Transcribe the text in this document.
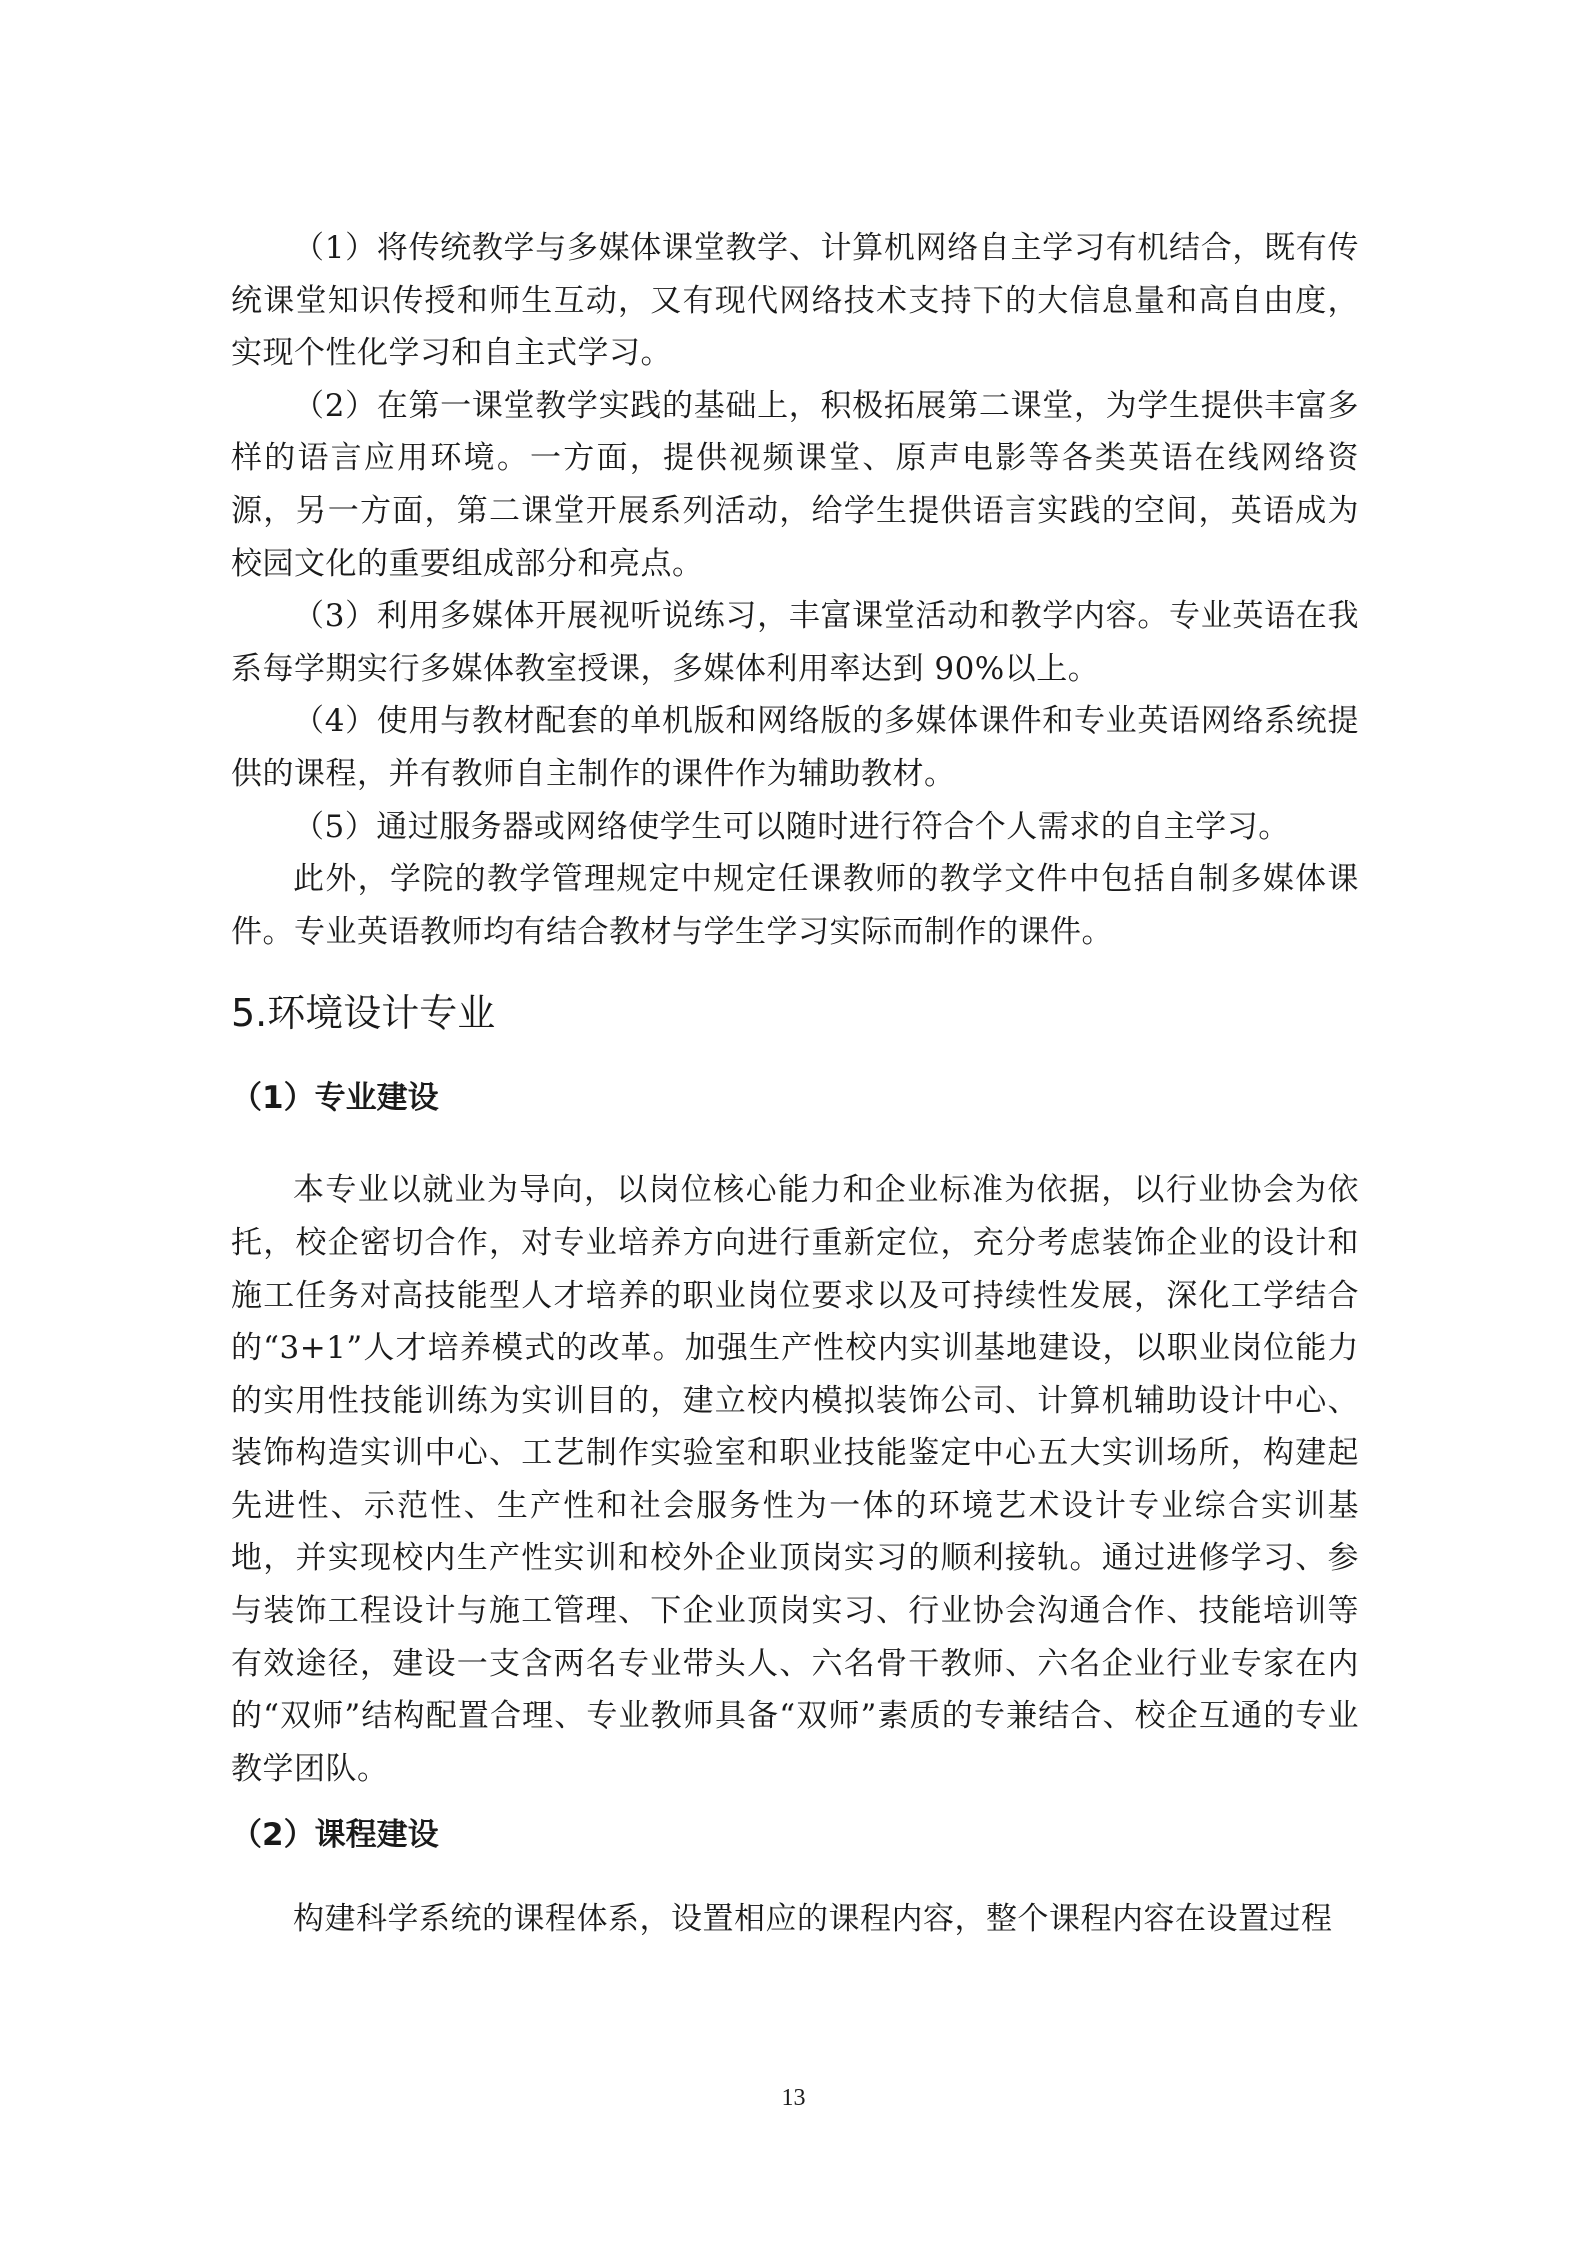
（1）将传统教学与多媒体课堂教学、计算机网络自主学习有机结合，既有传统课堂知识传授和师生互动，又有现代网络技术支持下的大信息量和高自由度，实现个性化学习和自主式学习。

（2）在第一课堂教学实践的基础上，积极拓展第二课堂，为学生提供丰富多样的语言应用环境。一方面，提供视频课堂、原声电影等各类英语在线网络资源，另一方面，第二课堂开展系列活动，给学生提供语言实践的空间，英语成为校园文化的重要组成部分和亮点。

（3）利用多媒体开展视听说练习，丰富课堂活动和教学内容。专业英语在我系每学期实行多媒体教室授课，多媒体利用率达到 90%以上。

（4）使用与教材配套的单机版和网络版的多媒体课件和专业英语网络系统提供的课程，并有教师自主制作的课件作为辅助教材。

（5）通过服务器或网络使学生可以随时进行符合个人需求的自主学习。

此外，学院的教学管理规定中规定任课教师的教学文件中包括自制多媒体课件。专业英语教师均有结合教材与学生学习实际而制作的课件。

5.环境设计专业
（1）专业建设

本专业以就业为导向，以岗位核心能力和企业标准为依据，以行业协会为依托，校企密切合作，对专业培养方向进行重新定位，充分考虑装饰企业的设计和施工任务对高技能型人才培养的职业岗位要求以及可持续性发展，深化工学结合的“3+1”人才培养模式的改革。加强生产性校内实训基地建设，以职业岗位能力的实用性技能训练为实训目的，建立校内模拟装饰公司、计算机辅助设计中心、装饰构造实训中心、工艺制作实验室和职业技能鉴定中心五大实训场所，构建起先进性、示范性、生产性和社会服务性为一体的环境艺术设计专业综合实训基地，并实现校内生产性实训和校外企业顶岗实习的顺利接轨。通过进修学习、参与装饰工程设计与施工管理、下企业顶岗实习、行业协会沟通合作、技能培训等有效途径，建设一支含两名专业带头人、六名骨干教师、六名企业行业专家在内的“双师”结构配置合理、专业教师具备“双师”素质的专兼结合、校企互通的专业教学团队。

（2）课程建设

构建科学系统的课程体系，设置相应的课程内容，整个课程内容在设置过程

13
